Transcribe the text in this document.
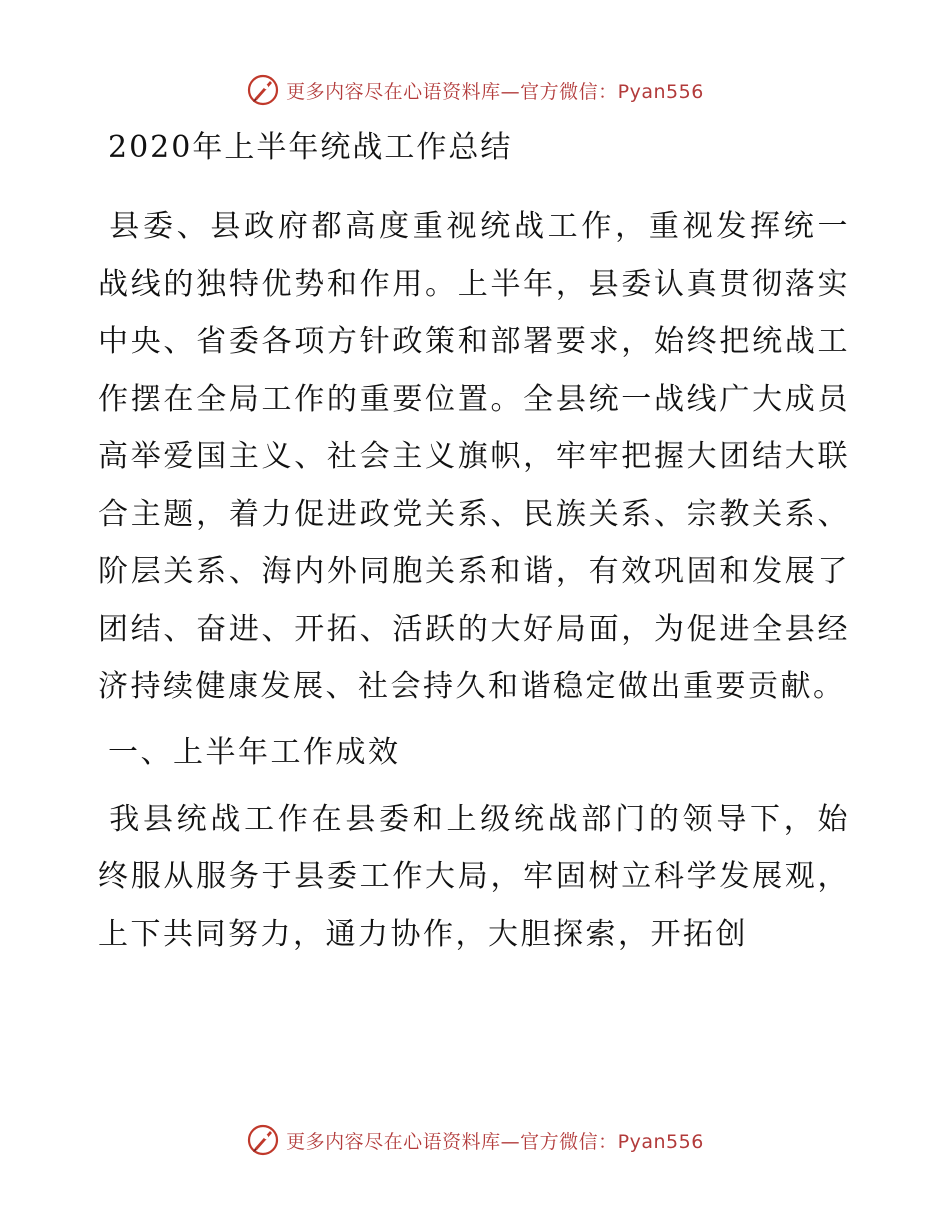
更多内容尽在心语资料库—官方微信：Pyan556
2020年上半年统战工作总结

县委、县政府都高度重视统战工作，重视发挥统一战线的独特优势和作用。上半年，县委认真贯彻落实中央、省委各项方针政策和部署要求，始终把统战工作摆在全局工作的重要位置。全县统一战线广大成员高举爱国主义、社会主义旗帜，牢牢把握大团结大联合主题，着力促进政党关系、民族关系、宗教关系、阶层关系、海内外同胞关系和谐，有效巩固和发展了团结、奋进、开拓、活跃的大好局面，为促进全县经济持续健康发展、社会持久和谐稳定做出重要贡献。

一、上半年工作成效

我县统战工作在县委和上级统战部门的领导下，始终服从服务于县委工作大局，牢固树立科学发展观，上下共同努力，通力协作，大胆探索，开拓创

更多内容尽在心语资料库—官方微信：Pyan556
